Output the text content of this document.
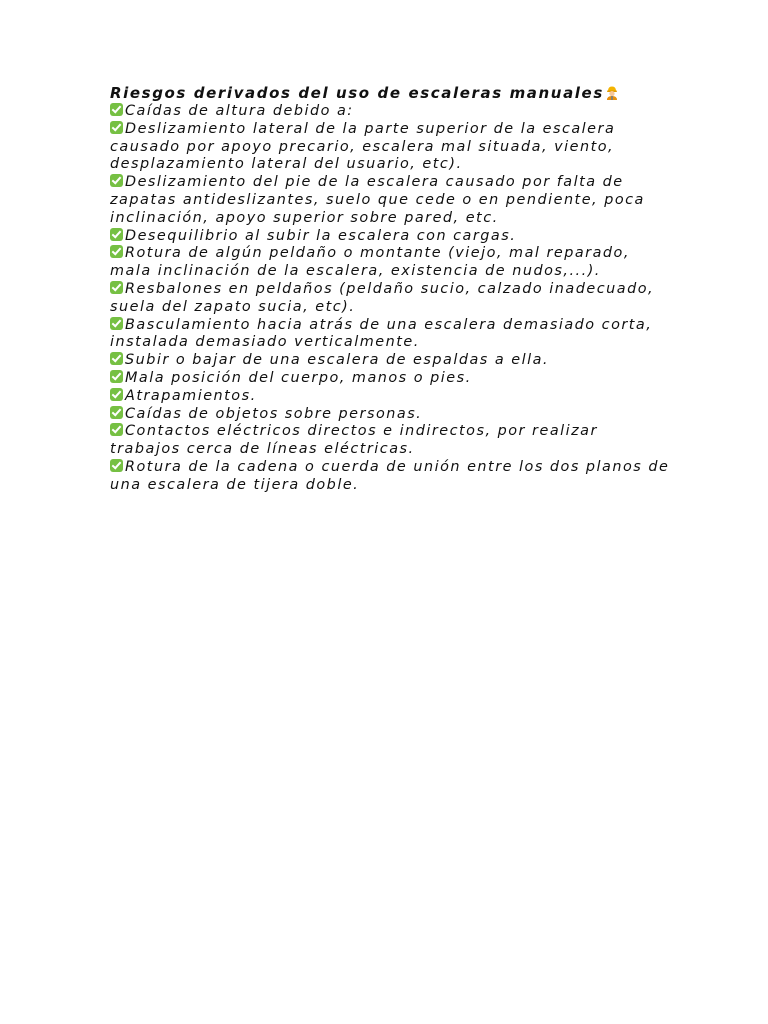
Riesgos derivados del uso de escaleras manuales
Caídas de altura debido a:
Deslizamiento lateral de la parte superior de la escalera causado por apoyo precario, escalera mal situada, viento, desplazamiento lateral del usuario, etc).
Deslizamiento del pie de la escalera causado por falta de zapatas antideslizantes, suelo que cede o en pendiente, poca inclinación, apoyo superior sobre pared, etc.
Desequilibrio al subir la escalera con cargas.
Rotura de algún peldaño o montante (viejo, mal reparado, mala inclinación de la escalera, existencia de nudos,...).
Resbalones en peldaños (peldaño sucio, calzado inadecuado, suela del zapato sucia, etc).
Basculamiento hacia atrás de una escalera demasiado corta, instalada demasiado verticalmente.
Subir o bajar de una escalera de espaldas a ella.
Mala posición del cuerpo, manos o pies.
Atrapamientos.
Caídas de objetos sobre personas.
Contactos eléctricos directos e indirectos, por realizar trabajos cerca de líneas eléctricas.
Rotura de la cadena o cuerda de unión entre los dos planos de una escalera de tijera doble.
